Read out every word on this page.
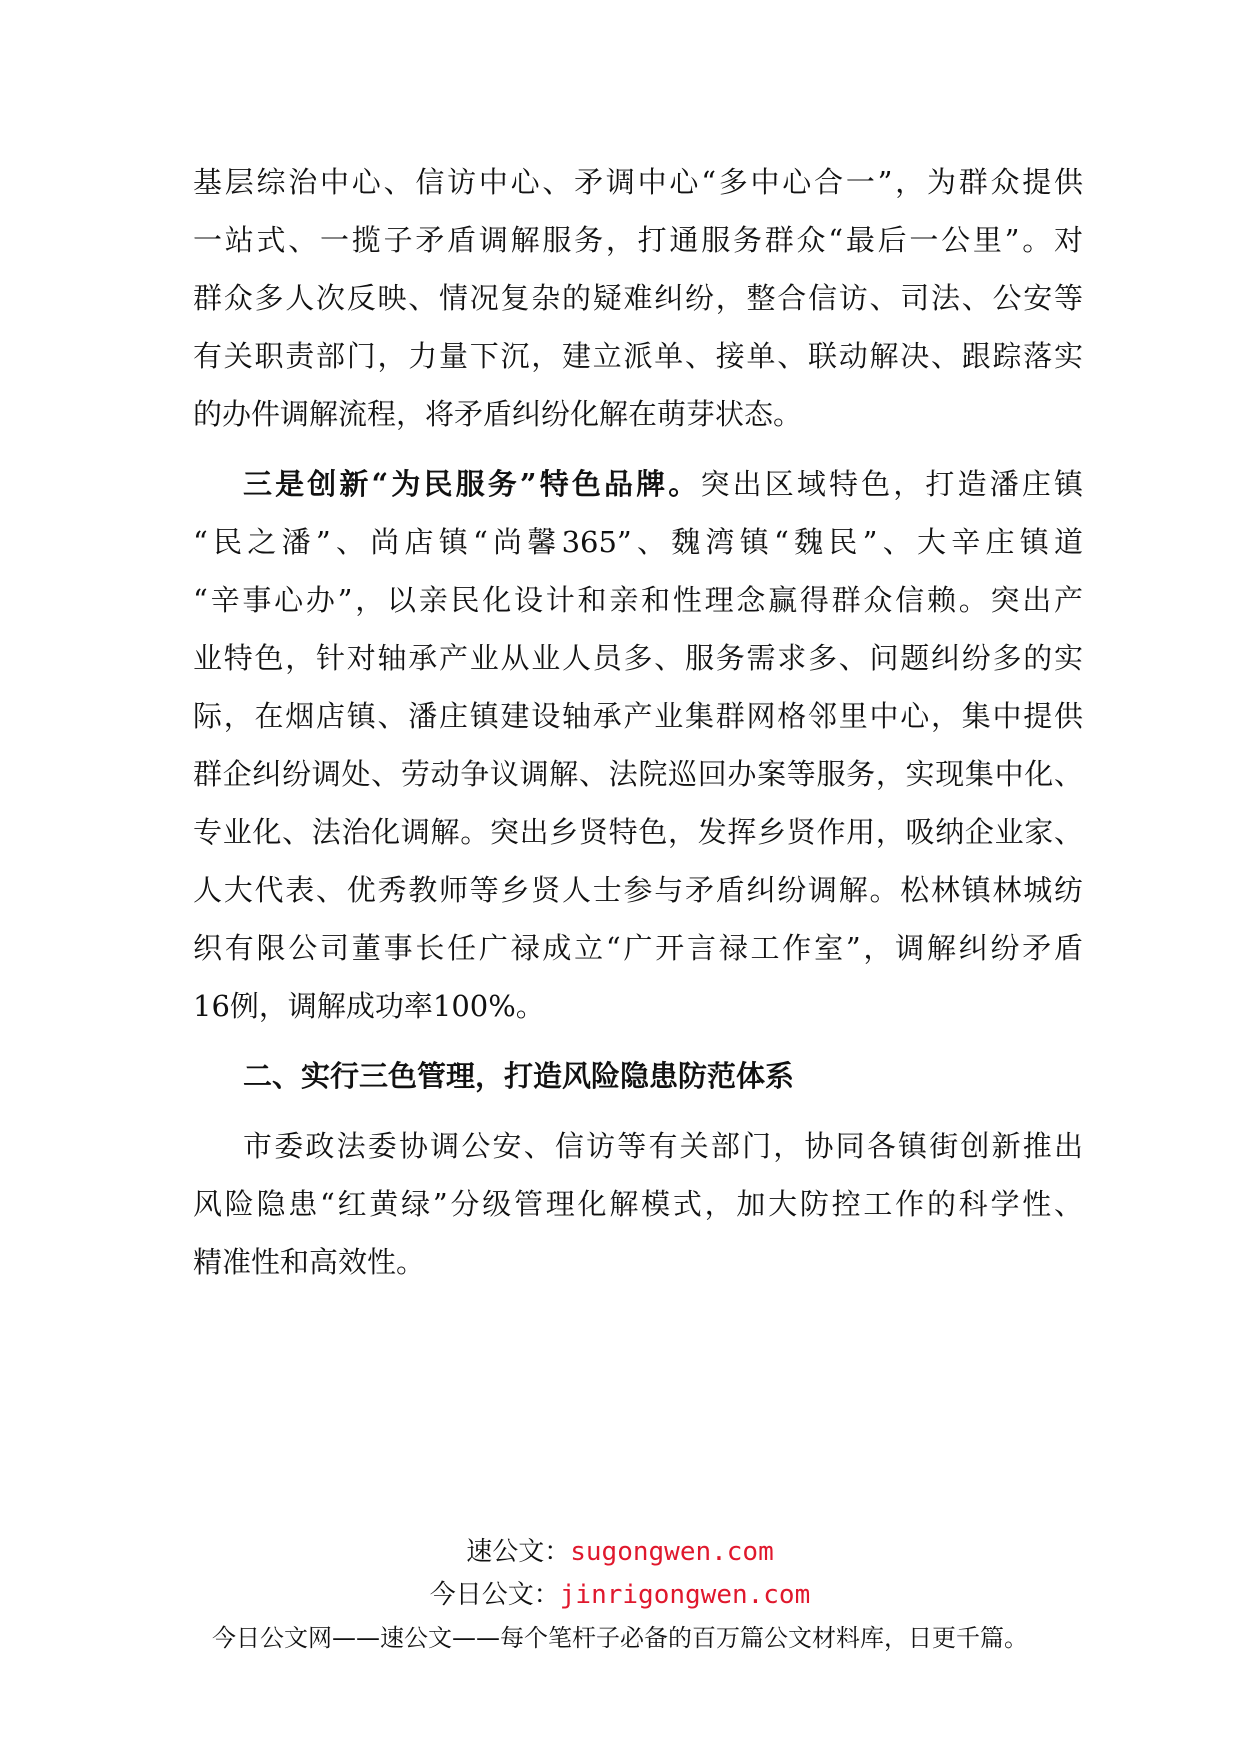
基层综治中心、信访中心、矛调中心“多中心合一”，为群众提供
一站式、一揽子矛盾调解服务，打通服务群众“最后一公里”。对
群众多人次反映、情况复杂的疑难纠纷，整合信访、司法、公安等
有关职责部门，力量下沉，建立派单、接单、联动解决、跟踪落实
的办件调解流程，将矛盾纠纷化解在萌芽状态。
三是创新“为民服务”特色品牌。突出区域特色，打造潘庄镇
“民之潘”、尚店镇“尚馨365”、魏湾镇“魏民”、大辛庄镇道
“辛事心办”，以亲民化设计和亲和性理念赢得群众信赖。突出产
业特色，针对轴承产业从业人员多、服务需求多、问题纠纷多的实
际，在烟店镇、潘庄镇建设轴承产业集群网格邻里中心，集中提供
群企纠纷调处、劳动争议调解、法院巡回办案等服务，实现集中化、
专业化、法治化调解。突出乡贤特色，发挥乡贤作用，吸纳企业家、
人大代表、优秀教师等乡贤人士参与矛盾纠纷调解。松林镇林城纺
织有限公司董事长任广禄成立“广开言禄工作室”，调解纠纷矛盾
16例，调解成功率100%。
二、实行三色管理，打造风险隐患防范体系
市委政法委协调公安、信访等有关部门，协同各镇街创新推出
风险隐患“红黄绿”分级管理化解模式，加大防控工作的科学性、
精准性和高效性。
速公文：sugongwen.com
今日公文：jinrigongwen.com
今日公文网——速公文——每个笔杆子必备的百万篇公文材料库，日更千篇。
